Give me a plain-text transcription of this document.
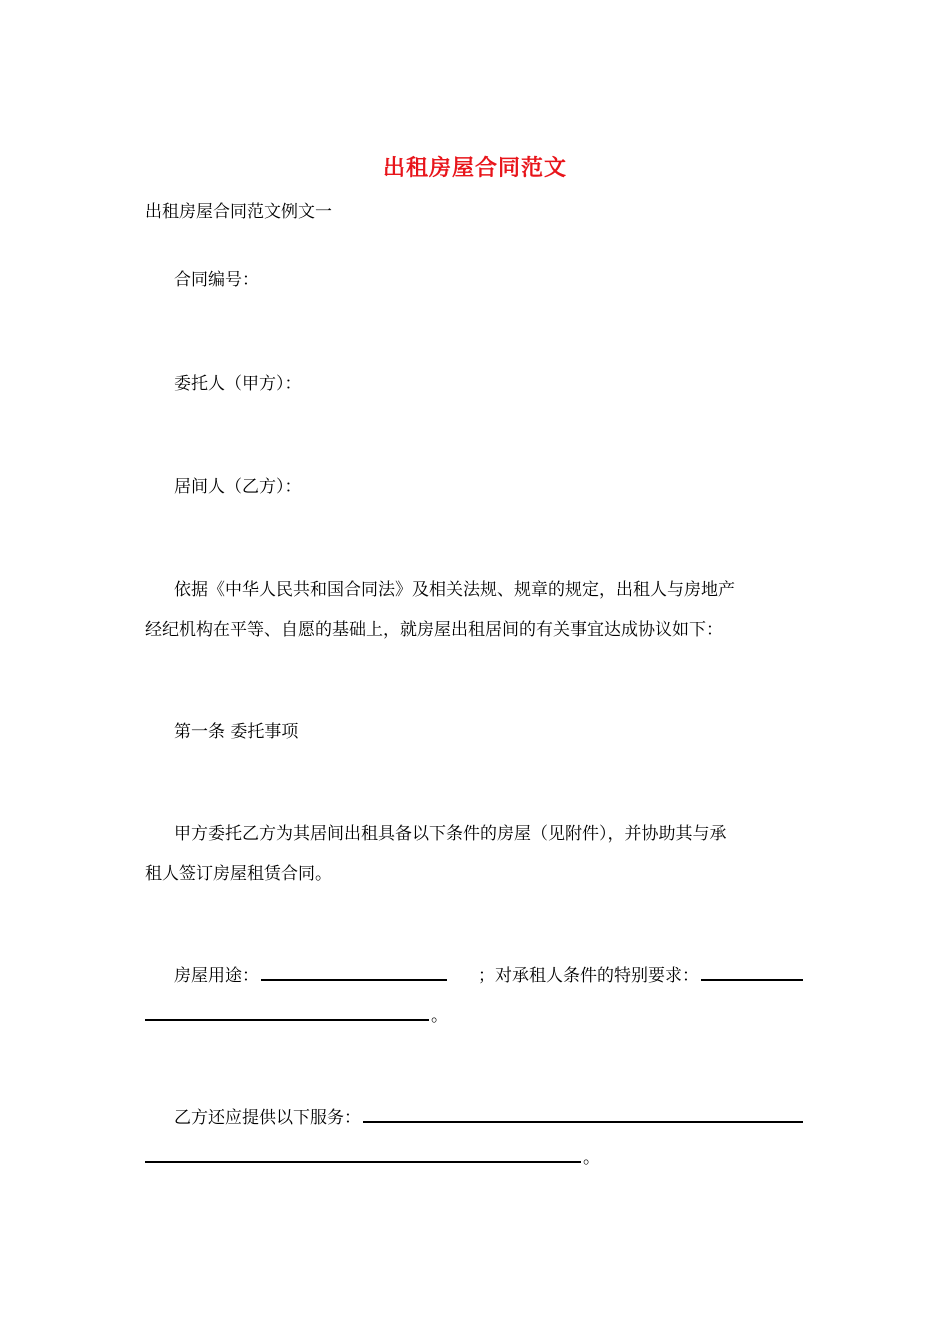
出租房屋合同范文
出租房屋合同范文例文一
合同编号：
委托人（甲方）：
居间人（乙方）：
依据《中华人民共和国合同法》及相关法规、规章的规定，出租人与房地产
经纪机构在平等、自愿的基础上，就房屋出租居间的有关事宜达成协议如下：
第一条 委托事项
甲方委托乙方为其居间出租具备以下条件的房屋（见附件），并协助其与承
租人签订房屋租赁合同。
房屋用途：	；对承租人条件的特别要求：
。
乙方还应提供以下服务：
。
